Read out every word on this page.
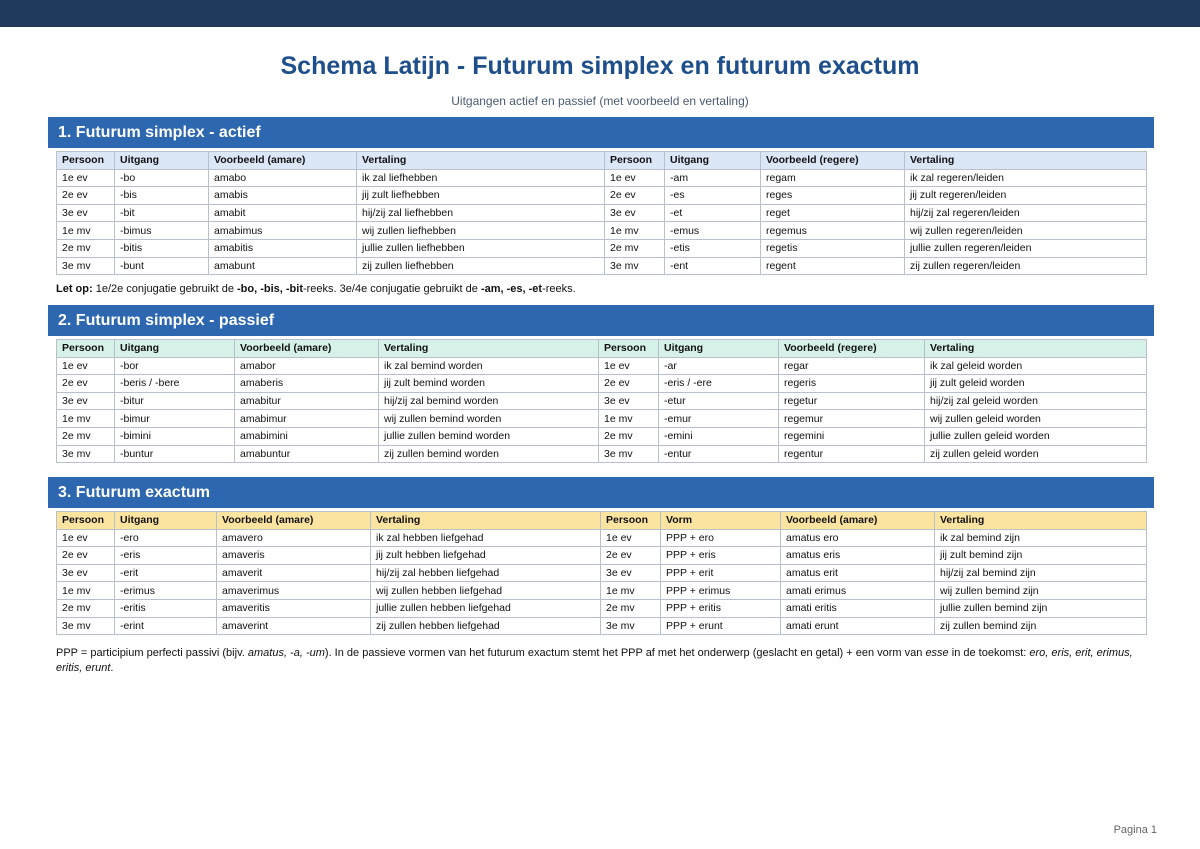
Schema Latijn - Futurum simplex en futurum exactum
Uitgangen actief en passief (met voorbeeld en vertaling)
1. Futurum simplex - actief
Persoon	Uitgang	Voorbeeld (amare)	Vertaling	Persoon	Uitgang	Voorbeeld (regere)	Vertaling
1e ev	-bo	amabo	ik zal liefhebben	1e ev	-am	regam	ik zal regeren/leiden
2e ev	-bis	amabis	jij zult liefhebben	2e ev	-es	reges	jij zult regeren/leiden
3e ev	-bit	amabit	hij/zij zal liefhebben	3e ev	-et	reget	hij/zij zal regeren/leiden
1e mv	-bimus	amabimus	wij zullen liefhebben	1e mv	-emus	regemus	wij zullen regeren/leiden
2e mv	-bitis	amabitis	jullie zullen liefhebben	2e mv	-etis	regetis	jullie zullen regeren/leiden
3e mv	-bunt	amabunt	zij zullen liefhebben	3e mv	-ent	regent	zij zullen regeren/leiden
Let op: 1e/2e conjugatie gebruikt de -bo, -bis, -bit-reeks. 3e/4e conjugatie gebruikt de -am, -es, -et-reeks.
2. Futurum simplex - passief
Persoon	Uitgang	Voorbeeld (amare)	Vertaling	Persoon	Uitgang	Voorbeeld (regere)	Vertaling
1e ev	-bor	amabor	ik zal bemind worden	1e ev	-ar	regar	ik zal geleid worden
2e ev	-beris / -bere	amaberis	jij zult bemind worden	2e ev	-eris / -ere	regeris	jij zult geleid worden
3e ev	-bitur	amabitur	hij/zij zal bemind worden	3e ev	-etur	regetur	hij/zij zal geleid worden
1e mv	-bimur	amabimur	wij zullen bemind worden	1e mv	-emur	regemur	wij zullen geleid worden
2e mv	-bimini	amabimini	jullie zullen bemind worden	2e mv	-emini	regemini	jullie zullen geleid worden
3e mv	-buntur	amabuntur	zij zullen bemind worden	3e mv	-entur	regentur	zij zullen geleid worden
3. Futurum exactum
Persoon	Uitgang	Voorbeeld (amare)	Vertaling	Persoon	Vorm	Voorbeeld (amare)	Vertaling
1e ev	-ero	amavero	ik zal hebben liefgehad	1e ev	PPP + ero	amatus ero	ik zal bemind zijn
2e ev	-eris	amaveris	jij zult hebben liefgehad	2e ev	PPP + eris	amatus eris	jij zult bemind zijn
3e ev	-erit	amaverit	hij/zij zal hebben liefgehad	3e ev	PPP + erit	amatus erit	hij/zij zal bemind zijn
1e mv	-erimus	amaverimus	wij zullen hebben liefgehad	1e mv	PPP + erimus	amati erimus	wij zullen bemind zijn
2e mv	-eritis	amaveritis	jullie zullen hebben liefgehad	2e mv	PPP + eritis	amati eritis	jullie zullen bemind zijn
3e mv	-erint	amaverint	zij zullen hebben liefgehad	3e mv	PPP + erunt	amati erunt	zij zullen bemind zijn
PPP = participium perfecti passivi (bijv. amatus, -a, -um). In de passieve vormen van het futurum exactum stemt het PPP af met het onderwerp (geslacht en getal) + een vorm van esse in de toekomst: ero, eris, erit, erimus, eritis, erunt.
Pagina 1
